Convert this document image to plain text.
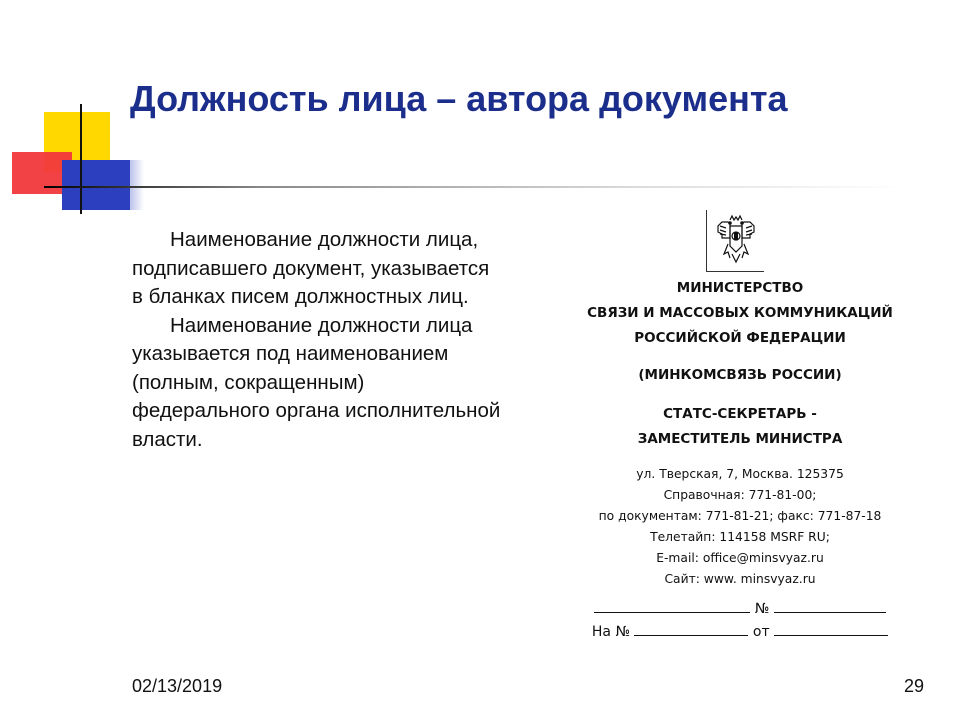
Должность лица – автора документа

Наименование должности лица, подписавшего документ, указывается в бланках писем должностных лиц.

Наименование должности лица указывается под наименованием (полным, сокращенным) федерального органа исполнительной власти.

МИНИСТЕРСТВО
СВЯЗИ И МАССОВЫХ КОММУНИКАЦИЙ
РОССИЙСКОЙ ФЕДЕРАЦИИ
(МИНКОМСВЯЗЬ РОССИИ)
СТАТС-СЕКРЕТАРЬ -
ЗАМЕСТИТЕЛЬ МИНИСТРА
ул. Тверская, 7, Москва. 125375
Справочная: 771-81-00;
по документам: 771-81-21; факс: 771-87-18
Телетайп: 114158 MSRF RU;
E-mail: office@minsvyaz.ru
Сайт: www. minsvyaz.ru
№
На №	от
02/13/2019	29
